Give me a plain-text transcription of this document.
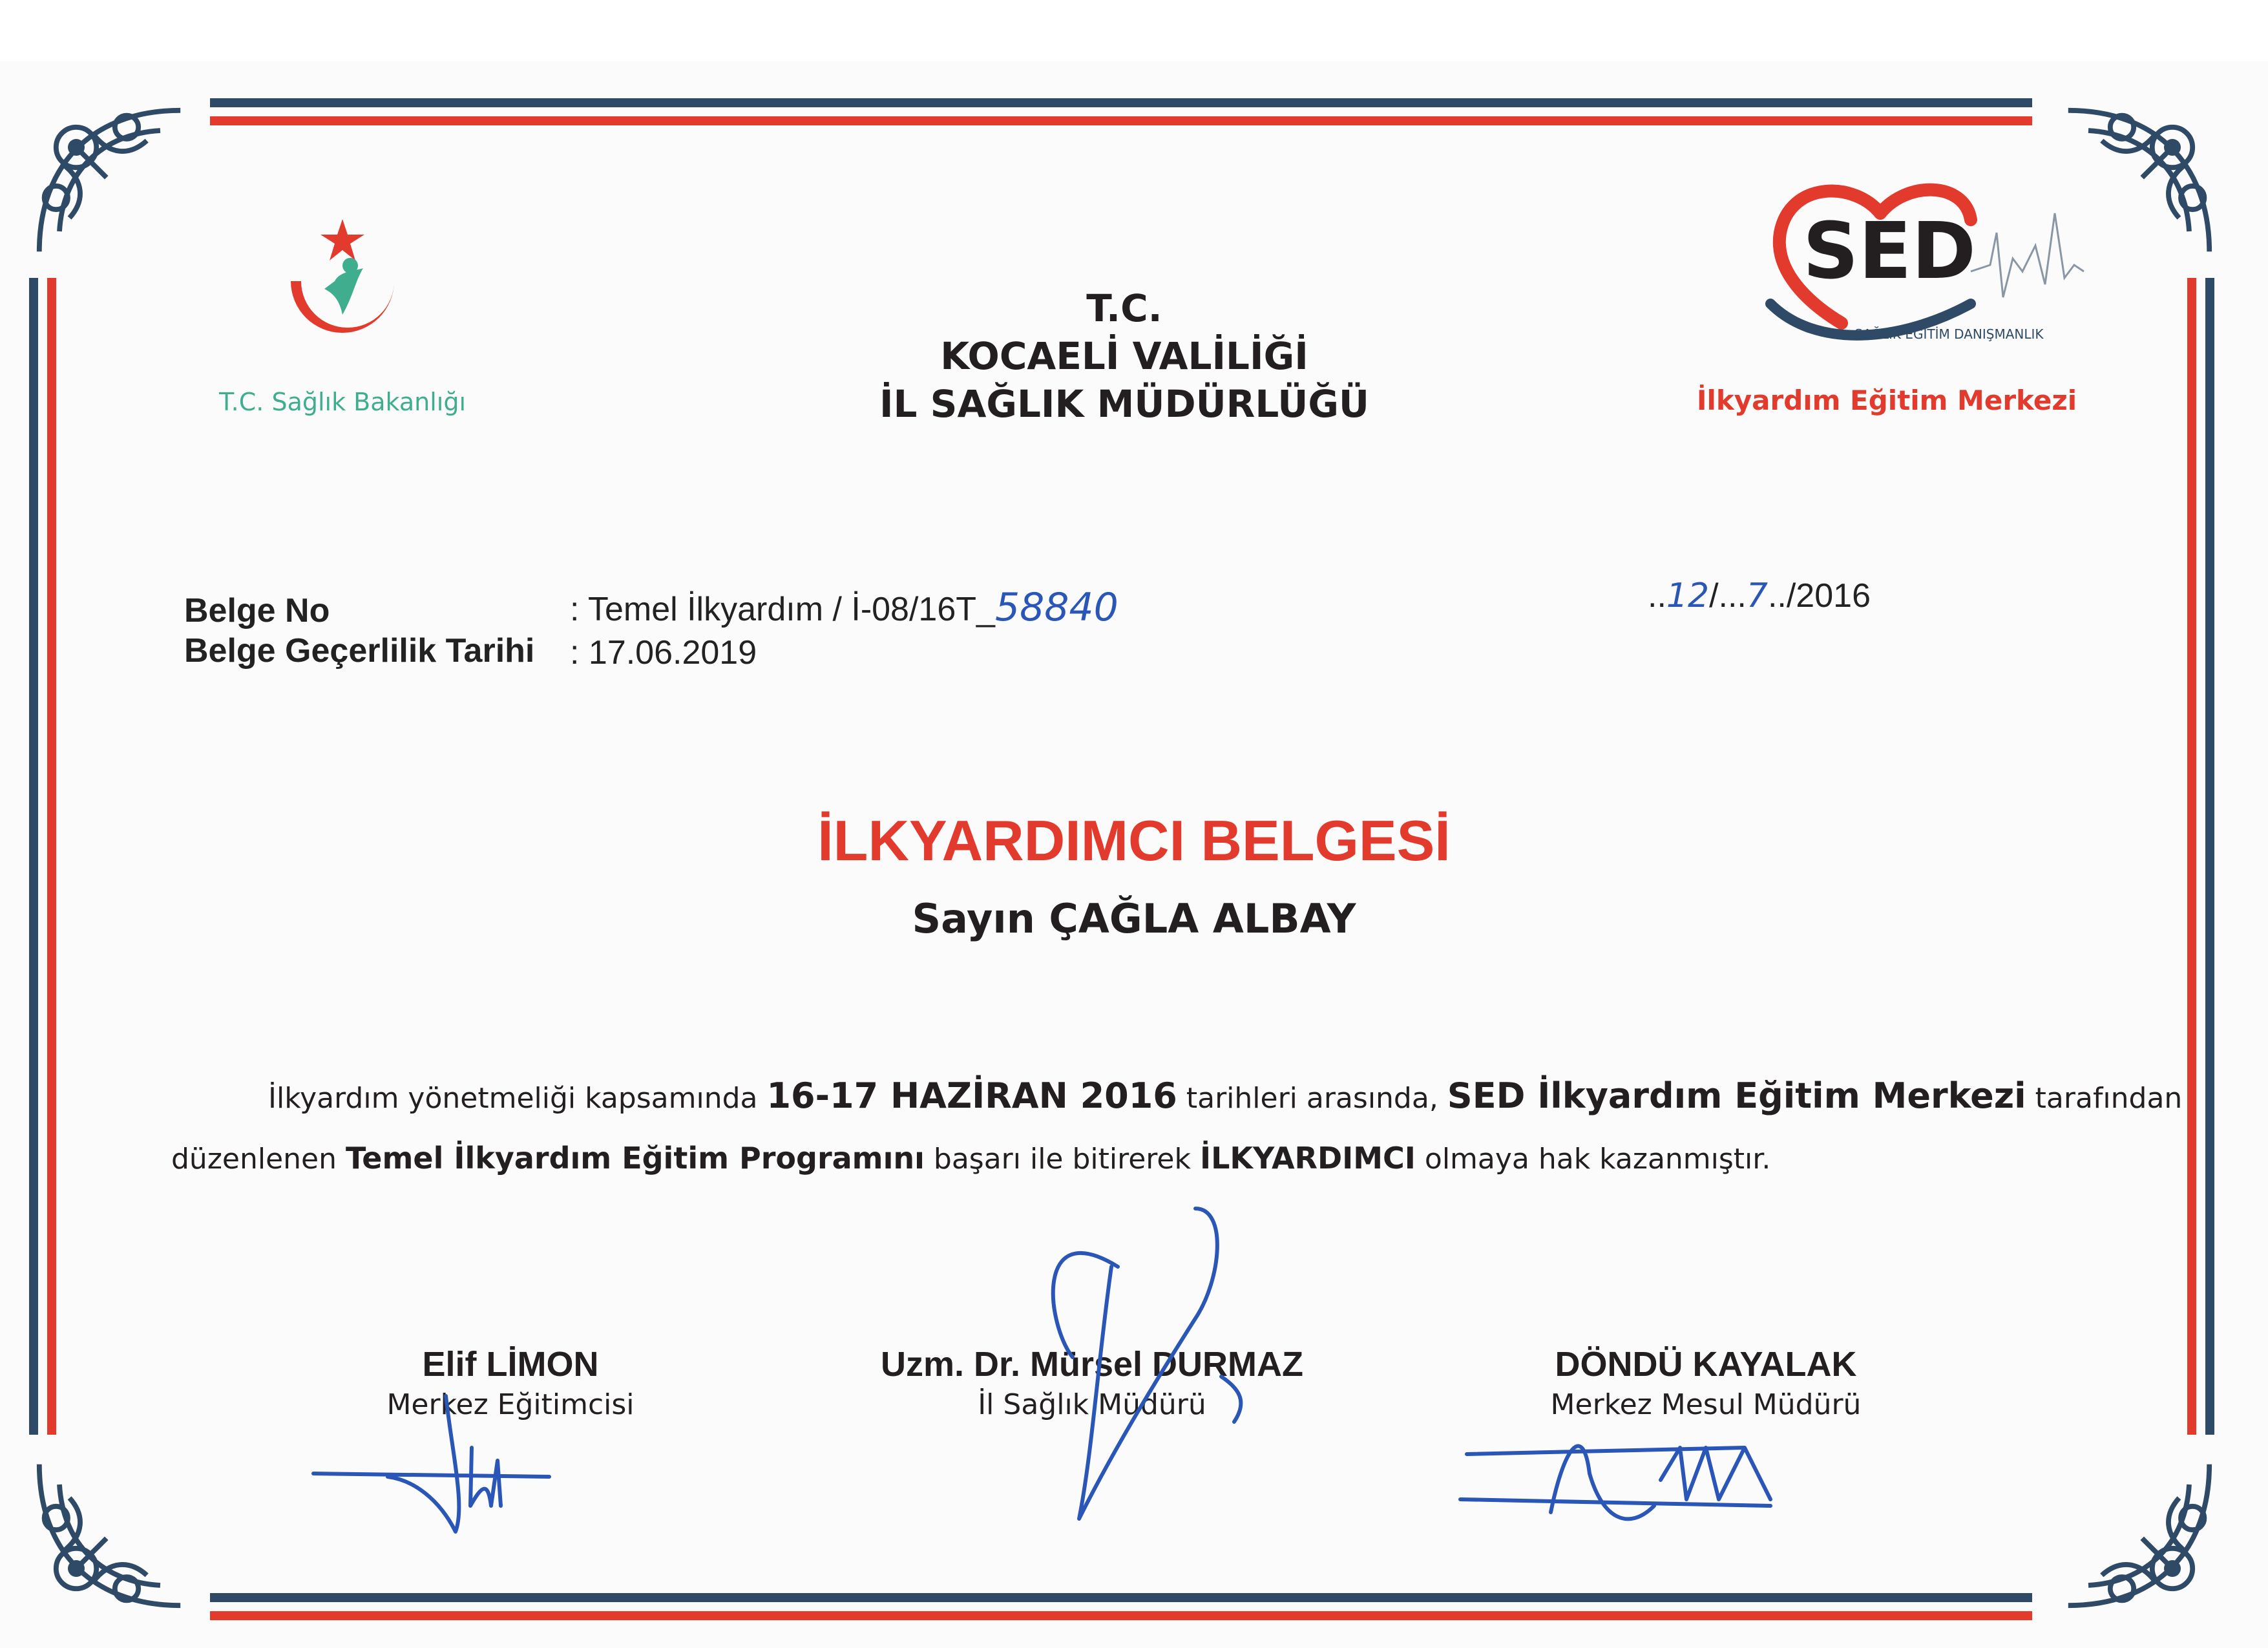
T.C. Sağlık Bakanlığı
T.C.
KOCAELİ VALİLİĞİ
İL SAĞLIK MÜDÜRLÜĞÜ
SED
SAĞLIK EĞİTİM DANIŞMANLIK
İlkyardım Eğitim Merkezi
Belge No	: Temel İlkyardım / İ-08/16T_58840
Belge Geçerlilik Tarihi : 17.06.2019
..12/...7../2016
İLKYARDIMCI BELGESİ
Sayın ÇAĞLA ALBAY
İlkyardım yönetmeliği kapsamında 16-17 HAZİRAN 2016 tarihleri arasında, SED İlkyardım Eğitim Merkezi tarafından
düzenlenen Temel İlkyardım Eğitim Programını başarı ile bitirerek İLKYARDIMCI olmaya hak kazanmıştır.
Elif LİMON
Merkez Eğitimcisi
Uzm. Dr. Mürsel DURMAZ
İl Sağlık Müdürü
DÖNDÜ KAYALAK
Merkez Mesul Müdürü
